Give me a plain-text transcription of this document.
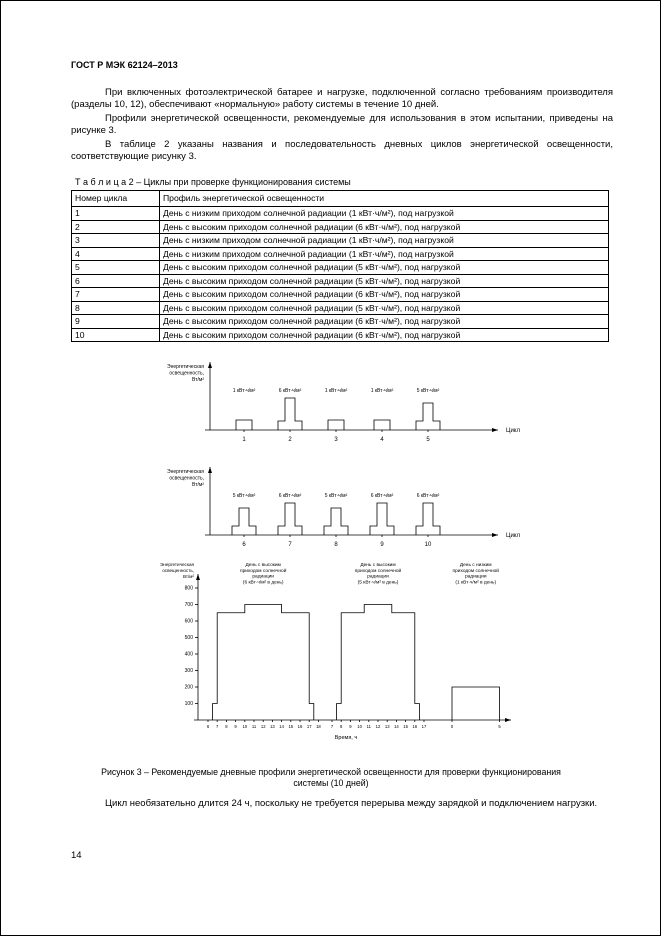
ГОСТ Р МЭК 62124–2013

При включенных фотоэлектрической батарее и нагрузке, подключенной согласно требованиям производителя (разделы 10, 12), обеспечивают «нормальную» работу системы в течение 10 дней.

Профили энергетической освещенности, рекомендуемые для использования в этом испытании, приведены на рисунке 3.

В таблице 2 указаны названия и последовательность дневных циклов энергетической освещенности, соответствующие рисунку 3.

Т а б л и ц а 2 – Циклы при проверке функционирования системы
Номер цикла	Профиль энергетической освещенности
1	День с низким приходом солнечной радиации (1 кВт·ч/м²), под нагрузкой
2	День с высоким приходом солнечной радиации (6 кВт·ч/м²), под нагрузкой
3	День с низким приходом солнечной радиации (1 кВт·ч/м²), под нагрузкой
4	День с низким приходом солнечной радиации (1 кВт·ч/м²), под нагрузкой
5	День с высоким приходом солнечной радиации (5 кВт·ч/м²), под нагрузкой
6	День с высоким приходом солнечной радиации (5 кВт·ч/м²), под нагрузкой
7	День с высоким приходом солнечной радиации (6 кВт·ч/м²), под нагрузкой
8	День с высоким приходом солнечной радиации (5 кВт·ч/м²), под нагрузкой
9	День с высоким приходом солнечной радиации (6 кВт·ч/м²), под нагрузкой
10	День с высоким приходом солнечной радиации (6 кВт·ч/м²), под нагрузкой
Цикл
Энергетическая
освещенность,
Вт/м²
1 кВт·ч/м²
1
6 кВт·ч/м²
2
1 кВт·ч/м²
3
1 кВт·ч/м²
4
5 кВт·ч/м²
5
Цикл
Энергетическая
освещенность,
Вт/м²
5 кВт·ч/м²
6
6 кВт·ч/м²
7
5 кВт·ч/м²
8
6 кВт·ч/м²
9
6 кВт·ч/м²
10
Энергетическая
освещенность,
Вт/м²
100
200
300
400
500
600
700
800
6 7 8 9 10 11 12 13 14 15 16 17 18
День с высоким
приходом солнечной
радиации
(6 кВт·ч/м² в день)
7 8 9 10 11 12 13 14 15 16 17
День с высоким
приходом солнечной
радиации
(5 кВт·ч/м² в день)
0	5
День с низким
приходом солнечной
радиации
(1 кВт·ч/м² в день)
Время, ч
Рисунок 3 – Рекомендуемые дневные профили энергетической освещенности для проверки функционирования системы (10 дней)

Цикл необязательно длится 24 ч, поскольку не требуется перерыва между зарядкой и подключением нагрузки.

14
